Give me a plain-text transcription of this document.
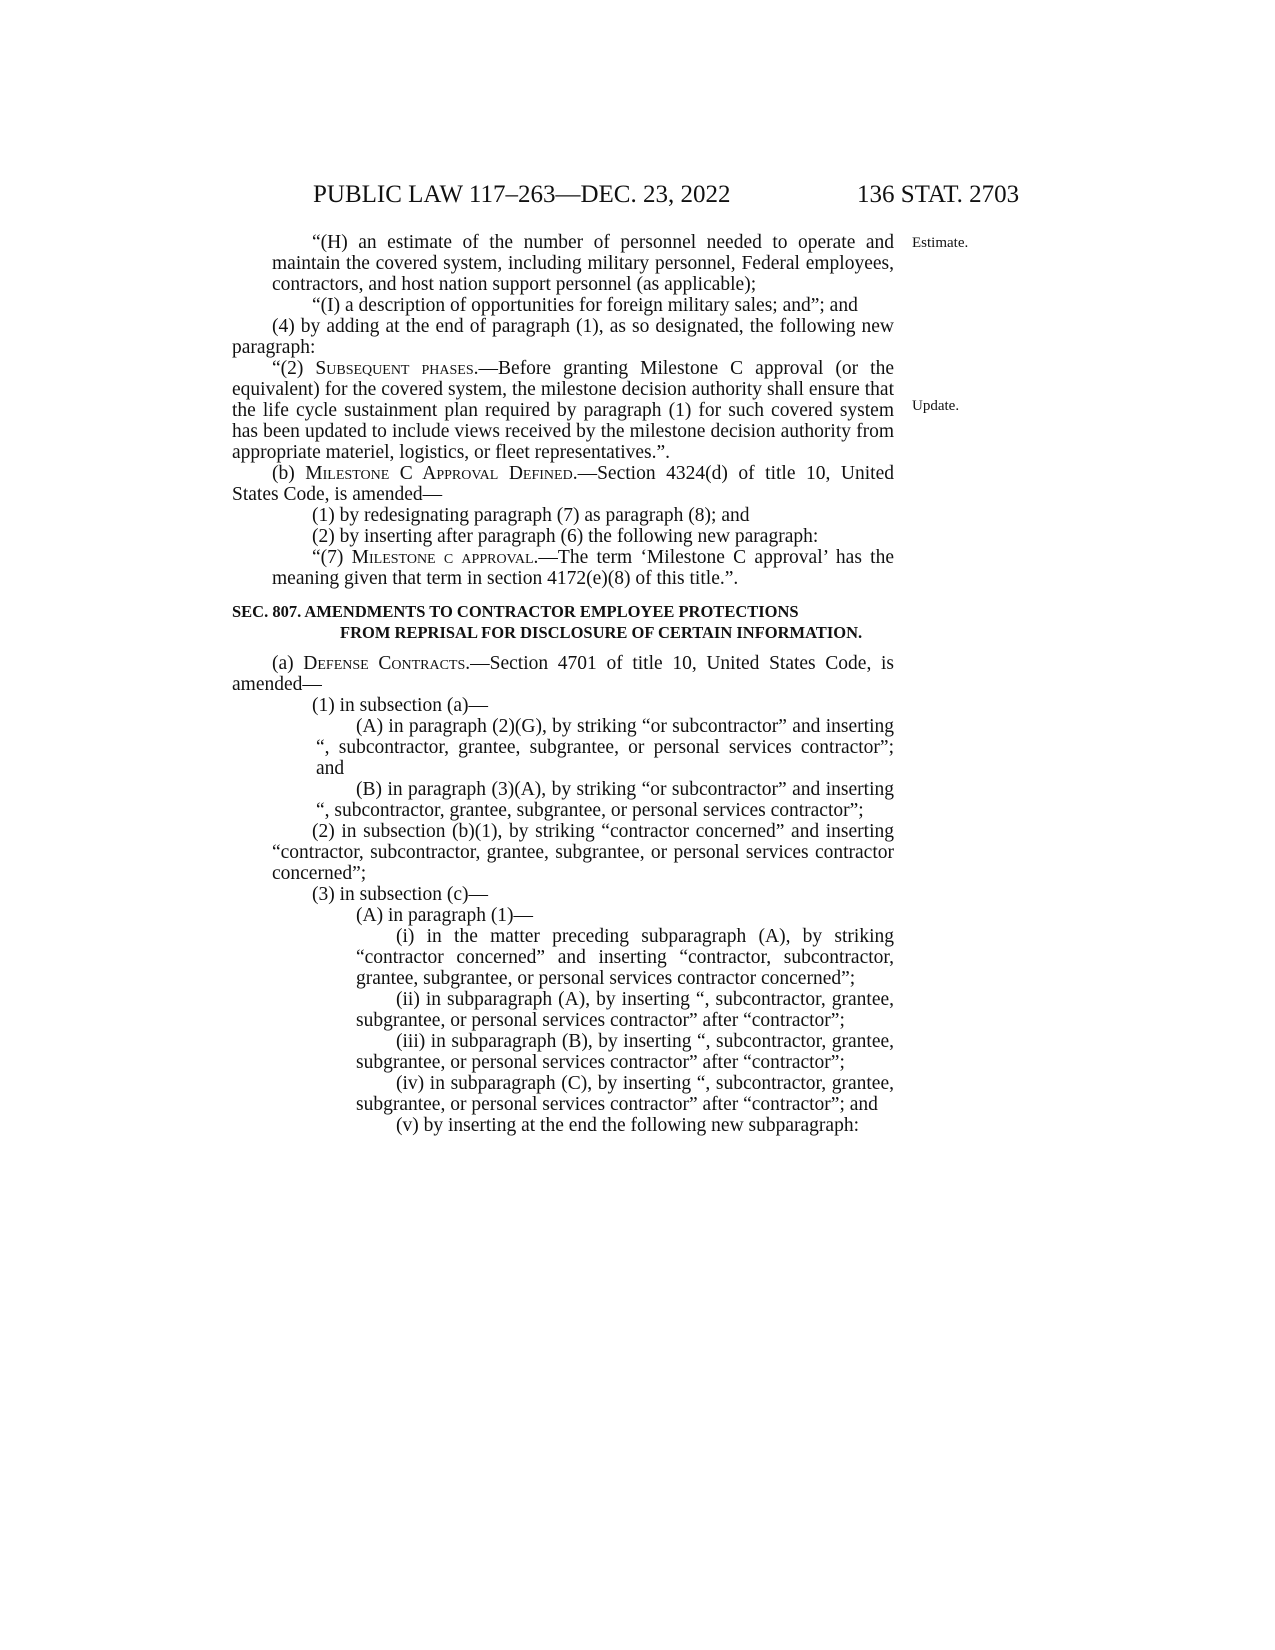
PUBLIC LAW 117–263—DEC. 23, 2022	136 STAT. 2703
Estimate.
Update.

“(H) an estimate of the number of personnel needed to operate and maintain the covered system, including military personnel, Federal employees, contractors, and host nation support personnel (as applicable);

“(I) a description of opportunities for foreign military sales; and”; and

(4) by adding at the end of paragraph (1), as so designated, the following new paragraph:

“(2) Subsequent phases.—Before granting Milestone C approval (or the equivalent) for the covered system, the milestone decision authority shall ensure that the life cycle sustainment plan required by paragraph (1) for such covered system has been updated to include views received by the milestone decision authority from appropriate materiel, logistics, or fleet representatives.”.

(b) Milestone C Approval Defined.—Section 4324(d) of title 10, United States Code, is amended—

(1) by redesignating paragraph (7) as paragraph (8); and

(2) by inserting after paragraph (6) the following new paragraph:

“(7) Milestone c approval.—The term ‘Milestone C approval’ has the meaning given that term in section 4172(e)(8) of this title.”.

SEC. 807. AMENDMENTS TO CONTRACTOR EMPLOYEE PROTECTIONS
FROM REPRISAL FOR DISCLOSURE OF CERTAIN INFORMATION.

(a) Defense Contracts.—Section 4701 of title 10, United States Code, is amended—

(1) in subsection (a)—

(A) in paragraph (2)(G), by striking “or subcontractor” and inserting “, subcontractor, grantee, subgrantee, or personal services contractor”; and

(B) in paragraph (3)(A), by striking “or subcontractor” and inserting “, subcontractor, grantee, subgrantee, or personal services contractor”;

(2) in subsection (b)(1), by striking “contractor concerned” and inserting “contractor, subcontractor, grantee, subgrantee, or personal services contractor concerned”;

(3) in subsection (c)—

(A) in paragraph (1)—

(i) in the matter preceding subparagraph (A), by striking “contractor concerned” and inserting “contractor, subcontractor, grantee, subgrantee, or personal services contractor concerned”;

(ii) in subparagraph (A), by inserting “, subcontractor, grantee, subgrantee, or personal services contractor” after “contractor”;

(iii) in subparagraph (B), by inserting “, subcontractor, grantee, subgrantee, or personal services contractor” after “contractor”;

(iv) in subparagraph (C), by inserting “, subcontractor, grantee, subgrantee, or personal services contractor” after “contractor”; and

(v) by inserting at the end the following new subparagraph:
